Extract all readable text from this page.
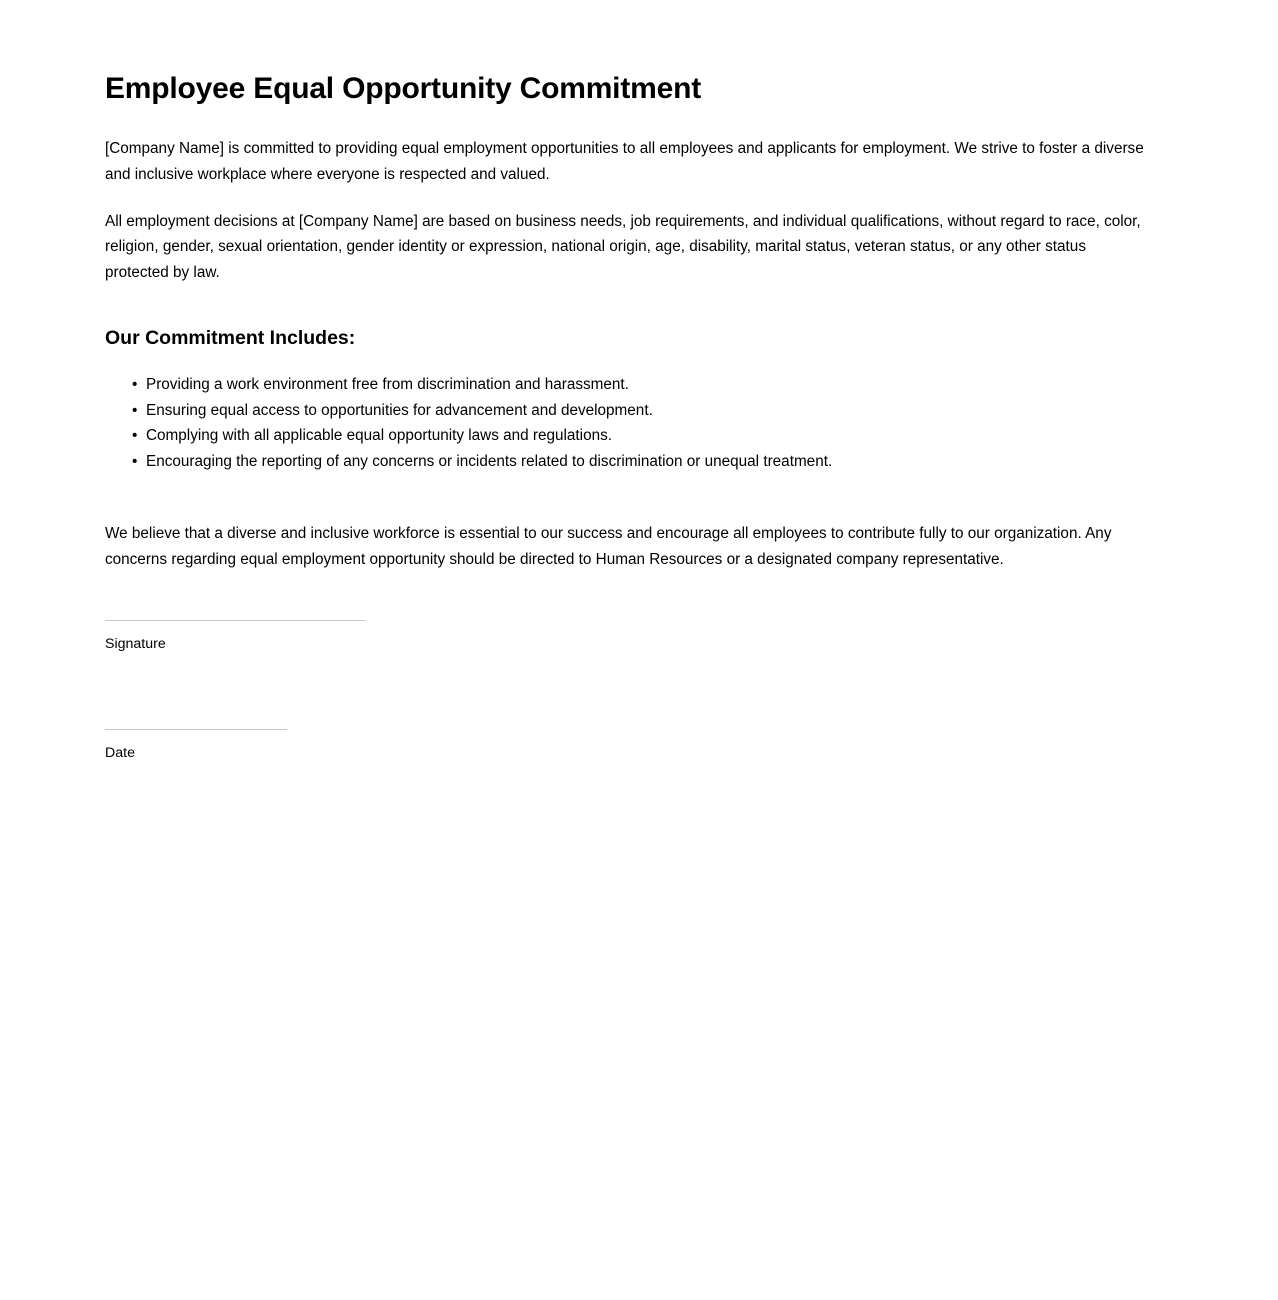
Employee Equal Opportunity Commitment

[Company Name] is committed to providing equal employment opportunities to all employees and applicants for employment. We strive to foster a diverse and inclusive workplace where everyone is respected and valued.

All employment decisions at [Company Name] are based on business needs, job requirements, and individual qualifications, without regard to race, color, religion, gender, sexual orientation, gender identity or expression, national origin, age, disability, marital status, veteran status, or any other status protected by law.

Our Commitment Includes:
• Providing a work environment free from discrimination and harassment.
• Ensuring equal access to opportunities for advancement and development.
• Complying with all applicable equal opportunity laws and regulations.
• Encouraging the reporting of any concerns or incidents related to discrimination or unequal treatment.

We believe that a diverse and inclusive workforce is essential to our success and encourage all employees to contribute fully to our organization. Any concerns regarding equal employment opportunity should be directed to Human Resources or a designated company representative.

Signature
Date
